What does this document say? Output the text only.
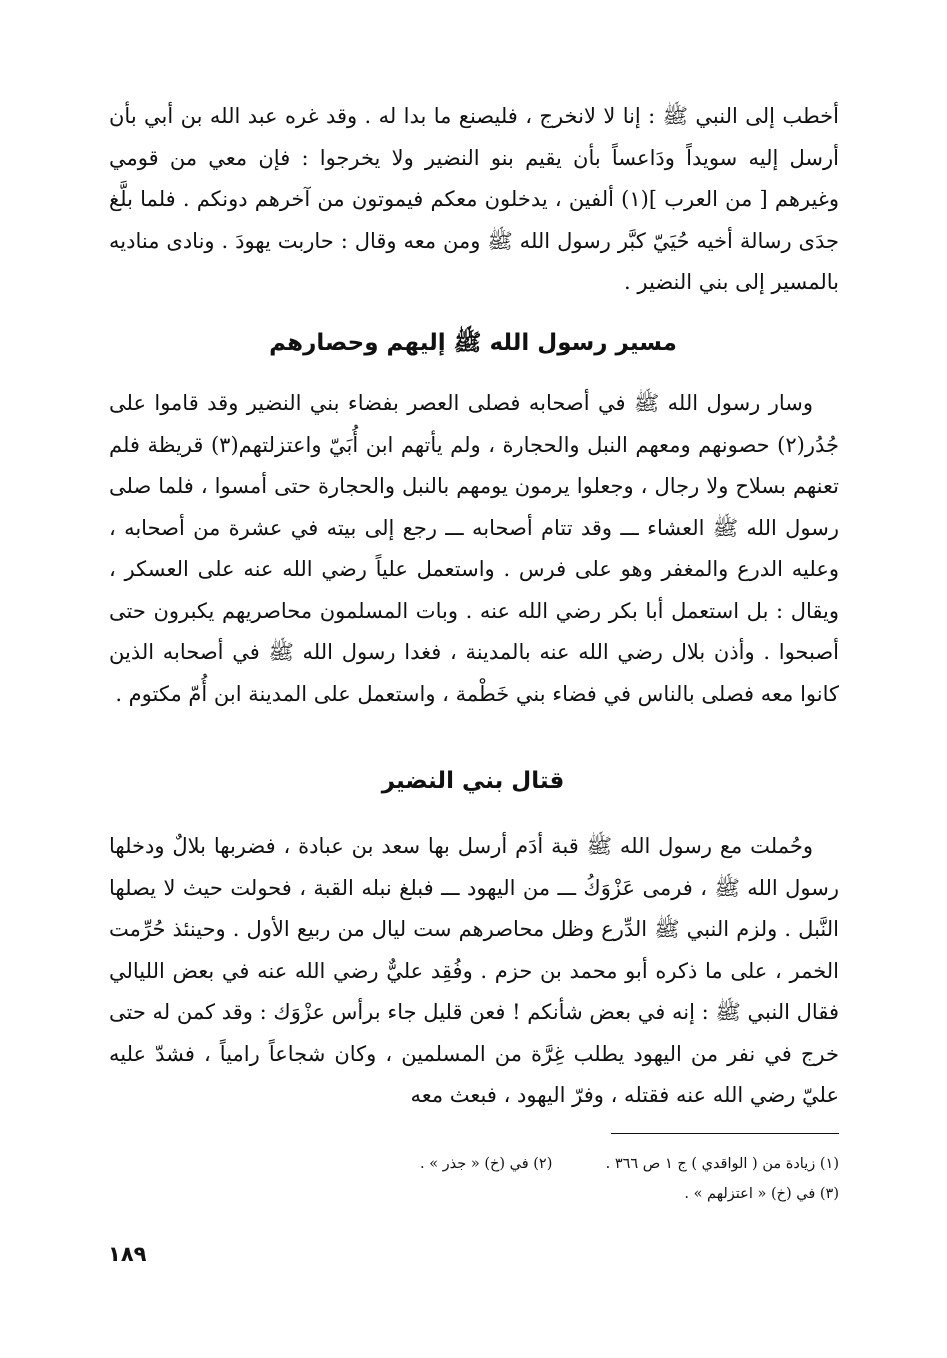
أخطب إلى النبي ﷺ : إنا لا لانخرج ، فليصنع ما بدا له . وقد غره عبد الله بن أبي بأن أرسل إليه سويداً ودَاعساً بأن يقيم بنو النضير ولا يخرجوا : فإن معي من قومي وغيرهم [ من العرب ](١) ألفين ، يدخلون معكم فيموتون من آخرهم دونكم . فلما بلَّغ جدَى رسالة أخيه حُيَيّ كبَّر رسول الله ﷺ ومن معه وقال : حاربت يهودَ . ونادى مناديه بالمسير إلى بني النضير .

مسير رسول الله ﷺ إليهم وحصارهم

وسار رسول الله ﷺ في أصحابه فصلى العصر بفضاء بني النضير وقد قاموا على جُدُر(٢) حصونهم ومعهم النبل والحجارة ، ولم يأتهم ابن أُبَيّ واعتزلتهم(٣) قريظة فلم تعنهم بسلاح ولا رجال ، وجعلوا يرمون يومهم بالنبل والحجارة حتى أمسوا ، فلما صلى رسول الله ﷺ العشاء ـــ وقد تتام أصحابه ـــ رجع إلى بيته في عشرة من أصحابه ، وعليه الدرع والمغفر وهو على فرس . واستعمل علياً رضي الله عنه على العسكر ، ويقال : بل استعمل أبا بكر رضي الله عنه . وبات المسلمون محاصريهم يكبرون حتى أصبحوا . وأذن بلال رضي الله عنه بالمدينة ، فغدا رسول الله ﷺ في أصحابه الذين كانوا معه فصلى بالناس في فضاء بني خَطْمة ، واستعمل على المدينة ابن أُمّ مكتوم .

قتال بني النضير

وحُملت مع رسول الله ﷺ قبة أدَم أرسل بها سعد بن عبادة ، فضربها بلالٌ ودخلها رسول الله ﷺ ، فرمى عَزْوَكُ ـــ من اليهود ـــ فبلغ نبله القبة ، فحولت حيث لا يصلها النَّبل . ولزم النبي ﷺ الدِّرع وظل محاصرهم ست ليال من ربيع الأول . وحينئذ حُرِّمت الخمر ، على ما ذكره أبو محمد بن حزم . وفُقِد عليٌّ رضي الله عنه في بعض الليالي فقال النبي ﷺ : إنه في بعض شأنكم ! فعن قليل جاء برأس عزْوَك : وقد كمن له حتى خرج في نفر من اليهود يطلب غِرَّة من المسلمين ، وكان شجاعاً رامياً ، فشدّ عليه عليّ رضي الله عنه فقتله ، وفرّ اليهود ، فبعث معه

(١) زيادة من ( الواقدي ) ج ١ ص ٣٦٦ .  (٢) في (خ) « جذر » .
(٣) في (خ) « اعتزلهم » .
١٨٩
